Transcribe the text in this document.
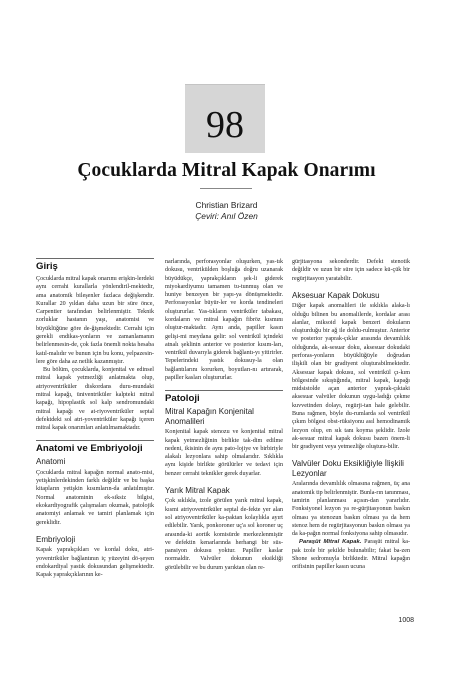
98
Çocuklarda Mitral Kapak Onarımı
Christian Brizard
Çeviri: Anıl Özen
Giriş

Çocuklarda mitral kapak onarımı erişkin-lerdeki aynı cerrahi kurallarla yönlendiril-mektedir, ama anatomik bileşenler fazlaca değişkendir. Kurallar 20 yıldan daha uzun bir süre önce, Carpentier tarafından belirlenmiştir. Teknik zorluklar hastanın yaşı, anatomisi ve büyüklüğüne göre de-ğişmektedir. Cerrahi için gerekli endikas-yonların ve zamanlamanın belirlenmesin-de, çok fazla önemli nokta hesaba katıl-malıdır ve bunun için bu konu, yelpazesin-lere göre daha az netlik kazanmıştır.

Bu bölüm, çocuklarda, konjenital ve edinsel mitral kapak yetmezliği anlatmakta olup, atriyoventriküler diskordans duru-mundaki mitral kapağı, üniventriküler kalpteki mitral kapağı, hipoplastik sol kalp sendromundaki mitral kapağı ve at-riyoventriküler septal defektdeki sol atri-yoventriküler kapağı içeren mitral kapak onarımları anlatılmamaktadır.

Anatomi ve Embriyoloji
Anatomi

Çocuklarda mitral kapağın normal anato-misi, yetişkinlerdekinden farklı değildir ve bu başka kitapların yetişkin kısımların-da anlatılmıştır. Normal anatominin ek-siksiz bilgisi, ekokardiyografik çalışmaları okumak, patolojik anatomiyi anlamak ve tamiri planlamak için gereklidir.

Embriyoloji

Kapak yaprakçıkları ve kordal doku, atri-yoventriküler bağlantının iç yüzeyini dö-şeyen endokardiyal yastık dokusundan gelişmektedir. Kapak yaprakçıklarının ke-

narlarında, perforasyonlar oluşurken, yas-tık dokusu, ventrikülden boşluğa doğru uzanarak büyüdükçe, yaprakçıkların şek-li giderek miyokardiyumu tamamen tu-tunmuş olan ve huniye benzeyen bir yapı-ya dönüşmektedir. Perforasyonlar büyür-ler ve korda tendineleri oluştururlar. Yas-tıkların ventriküler tabakası, kordaların ve mitral kapağın fibröz kısmını oluştur-maktadır. Aynı anda, papiller kasın gelişi-mi meydana gelir: sol ventrikül içindeki atnalı şeklinin anterior ve posterior kısım-ları, ventrikül duvarıyla giderek bağlantı-yı yitirirler. Tepelerindeki yastık dokusuy-la olan bağlantılarını korurken, boyutları-nı artırarak, papiller kasları oluştururlar.

Patoloji
Mitral Kapağın Konjenital Anomalileri

Konjenital kapak stenozu ve konjenital mitral kapak yetmezliğinin birlikte tak-dim edilme nedeni, ikisinin de aynı pato-lojiye ve birbiriyle alakalı lezyonlara sahip olmalarıdır. Sıklıkla aynı kişide birlikte görülürler ve tedavi için benzer cerrahi teknikler gerek duyarlar.

Yarık Mitral Kapak

Çok sıklıkla, izole görülen yarık mitral kapak, kısmi atriyoventriküler septal de-fekte yer alan sol atriyoventriküler ka-paktan kolaylıkla ayırt edilebilir. Yarık, ponkoroner uç'a sol koroner uç arasında-ki aortik komisürde merkezlenmiştir ve defektin kenarlarında herhangi bir süs-pansiyon dokusu yoktur. Papiller kaslar normaldir. Valvüler dokunun eksikliği görülebilir ve bu durum yarıktan olan re-

gürjitasyona sekonderdir. Defekt stenotik değildir ve uzun bir süre için sadece kü-çük bir regürjitasyon yaratabilir.

Aksesuar Kapak Dokusu

Diğer kapak anomalileri ile sıklıkla alaka-lı olduğu bilinen bu anomalilerde, kordalar arası alanlar, miksoid kapak benzeri dokuların oluşturduğu bir ağ ile doldu-rulmuştur. Anterior ve posterior yaprak-çıklar arasında devamlılık olduğunda, ak-sesuar doku, aksesuar dokudaki perforas-yonların büyüklüğüyle doğrudan ilişkili olan bir gradiyent oluşturabilmektedir. Aksesuar kapak dokusu, sol ventrikül çı-kım bölgesinde sıkıştığında, mitral kapak, kapağı midsistolde açan anterior yaprak-çıktaki aksesuar valvüler dokunun uygu-ladığı çekme kuvvetinden dolayı, regürji-tan hale gelebilir. Buna rağmen, böyle du-rumlarda sol ventrikül çıkım bölgesi obst-rüksiyonu asıl hemodinamik lezyon olup, en sık tanı koyma şeklidir. İzole ak-sesuar mitral kapak dokusu bazen önem-li bir gradiyent veya yetmezliğe oluştura-bilir.

Valvüler Doku Eksikliğiyle İlişkili Lezyonlar

Aralarında devamlılık olmasına rağmen, üç ana anatomik tip belirlenmiştir. Bunla-rın tanınması, tamirin planlanması açısın-dan yararlıdır. Fonksiyonel lezyon ya re-gürjitasyonun baskın olması ya stenozun baskın olması ya da hem stenoz hem de regürjitasyonun baskın olması ya da ka-pağın normal fonksiyona sahip olmasıdır.

Paraşüt Mitral Kapak. Paraşüt mitral ka-pak izole bir şekilde bulunabilir; fakat ba-zen Shone sedromuyla birliktedir. Mitral kapağın orifisinin papiller kasın ucuna

1008
